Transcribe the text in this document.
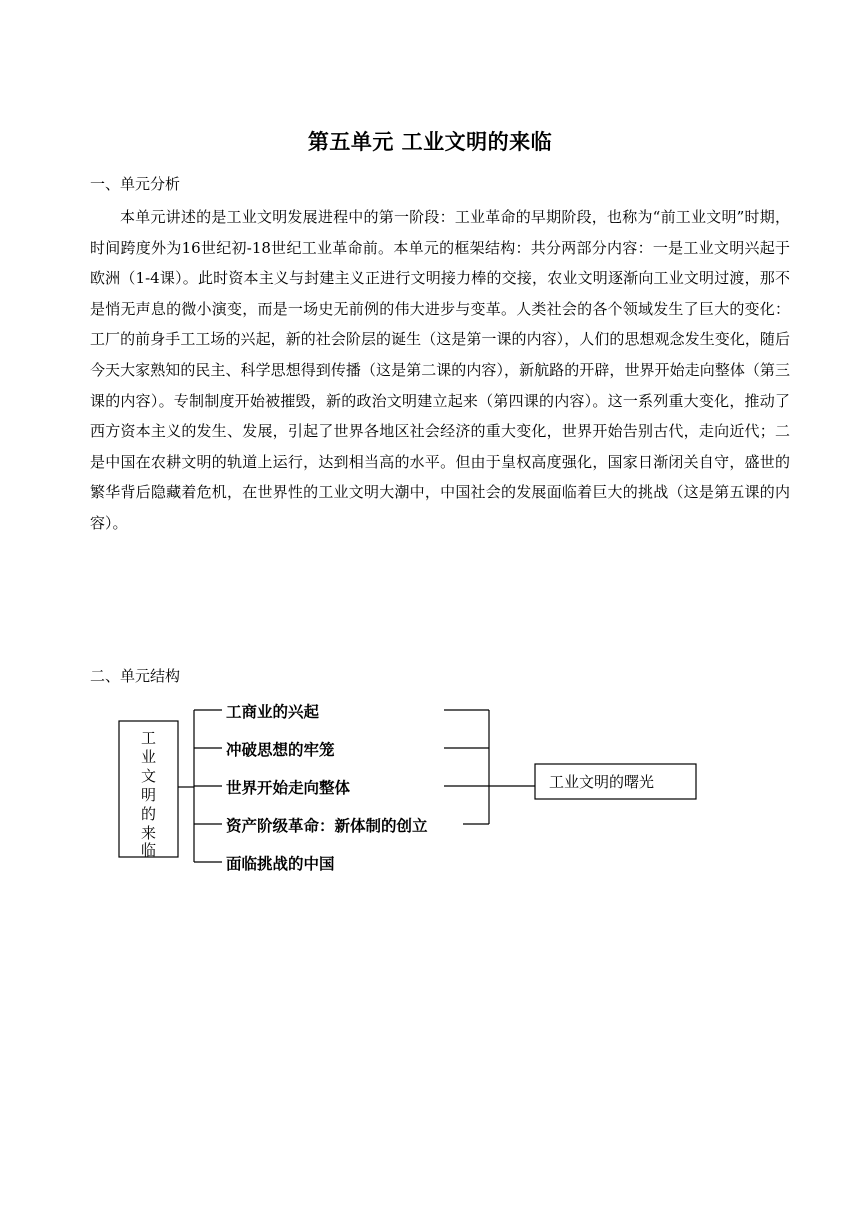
第五单元 工业文明的来临
一、单元分析

本单元讲述的是工业文明发展进程中的第一阶段：工业革命的早期阶段，也称为“前工业文明”时期，时间跨度外为16世纪初-18世纪工业革命前。本单元的框架结构：共分两部分内容：一是工业文明兴起于欧洲（1-4课）。此时资本主义与封建主义正进行文明接力棒的交接，农业文明逐渐向工业文明过渡，那不是悄无声息的微小演变，而是一场史无前例的伟大进步与变革。人类社会的各个领域发生了巨大的变化：工厂的前身手工工场的兴起，新的社会阶层的诞生（这是第一课的内容），人们的思想观念发生变化，随后今天大家熟知的民主、科学思想得到传播（这是第二课的内容），新航路的开辟，世界开始走向整体（第三课的内容）。专制制度开始被摧毁，新的政治文明建立起来（第四课的内容）。这一系列重大变化，推动了西方资本主义的发生、发展，引起了世界各地区社会经济的重大变化，世界开始告别古代，走向近代；二是中国在农耕文明的轨道上运行，达到相当高的水平。但由于皇权高度强化，国家日渐闭关自守，盛世的繁华背后隐藏着危机，在世界性的工业文明大潮中，中国社会的发展面临着巨大的挑战（这是第五课的内容）。

二、单元结构
工
业
文
明
的
来
临
工商业的兴起
冲破思想的牢笼
世界开始走向整体
资产阶级革命：新体制的创立
面临挑战的中国
工业文明的曙光
